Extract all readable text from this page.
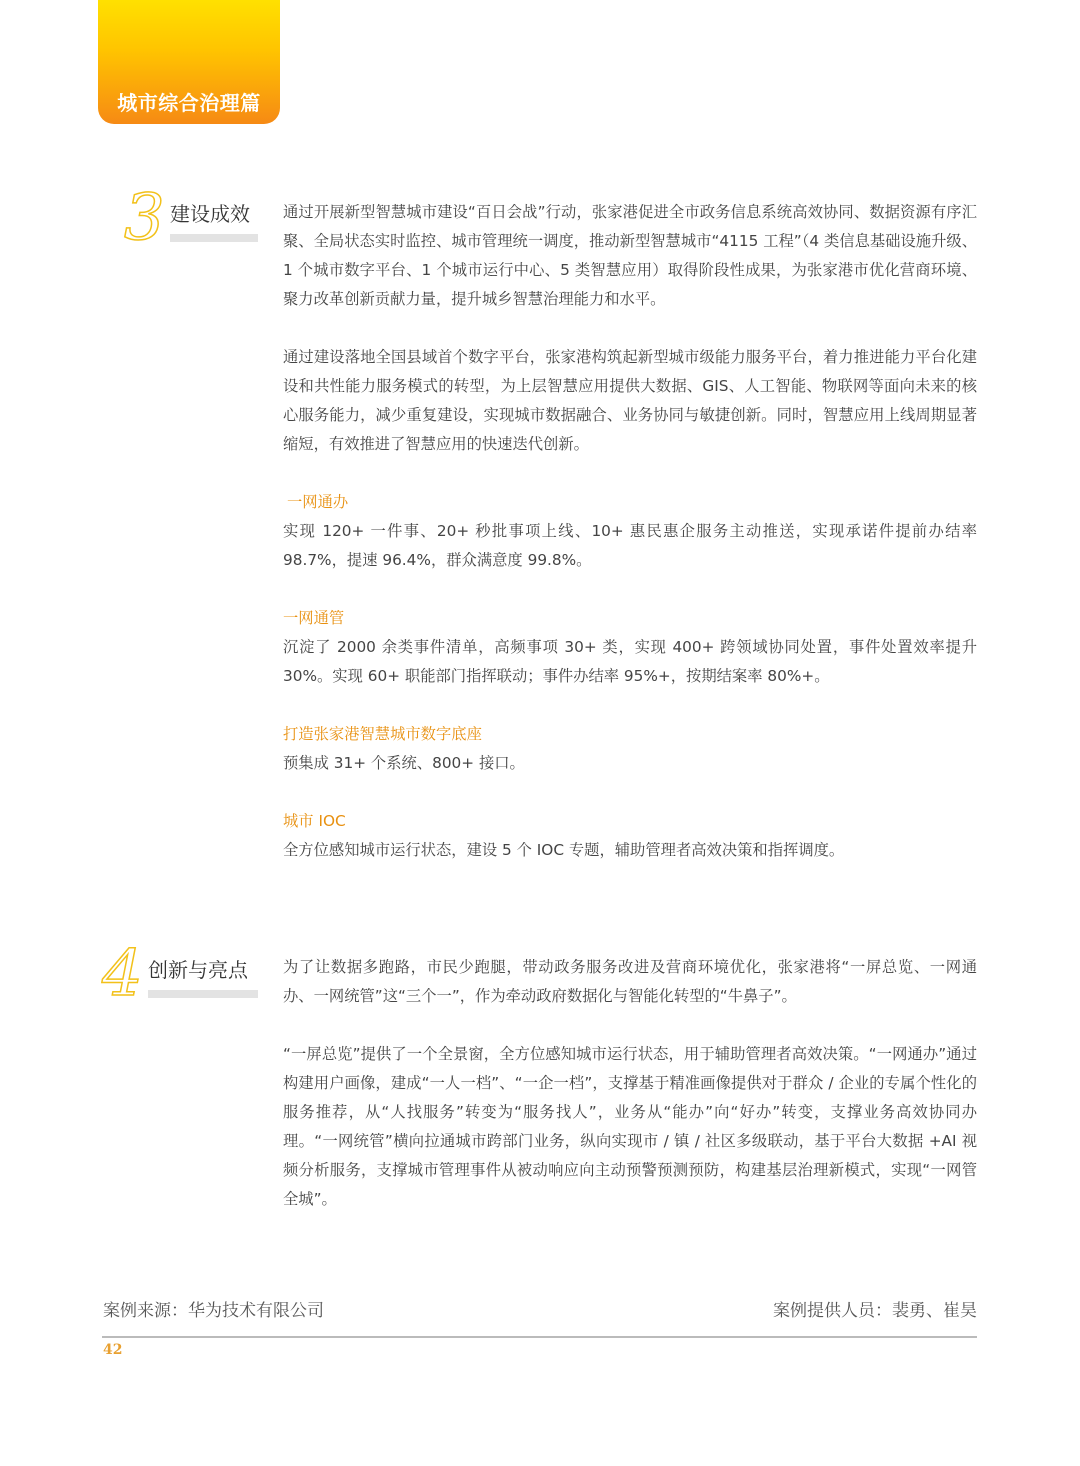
城市综合治理篇
3 建设成效 通过开展新型智慧城市建设“百日会战”行动，张家港促进全市政务信息系统高效协同、数据资源有序汇聚、全局状态实时监控、城市管理统一调度，推动新型智慧城市“4115 工程”（4 类信息基础设施升级、1 个城市数字平台、1 个城市运行中心、5 类智慧应用）取得阶段性成果，为张家港市优化营商环境、聚力改革创新贡献力量，提升城乡智慧治理能力和水平。
通过建设落地全国县域首个数字平台，张家港构筑起新型城市级能力服务平台，着力推进能力平台化建设和共性能力服务模式的转型，为上层智慧应用提供大数据、GIS、人工智能、物联网等面向未来的核心服务能力，减少重复建设，实现城市数据融合、业务协同与敏捷创新。同时，智慧应用上线周期显著缩短，有效推进了智慧应用的快速迭代创新。
一网通办
实现 120+ 一件事、20+ 秒批事项上线、10+ 惠民惠企服务主动推送，实现承诺件提前办结率 98.7%，提速 96.4%，群众满意度 99.8%。
一网通管
沉淀了 2000 余类事件清单，高频事项 30+ 类，实现 400+ 跨领域协同处置，事件处置效率提升 30%。实现 60+ 职能部门指挥联动；事件办结率 95%+，按期结案率 80%+。
打造张家港智慧城市数字底座
预集成 31+ 个系统、800+ 接口。
城市 IOC
全方位感知城市运行状态，建设 5 个 IOC 专题，辅助管理者高效决策和指挥调度。
4 创新与亮点 为了让数据多跑路，市民少跑腿，带动政务服务改进及营商环境优化，张家港将“一屏总览、一网通办、一网统管”这“三个一”，作为牵动政府数据化与智能化转型的“牛鼻子”。
“一屏总览”提供了一个全景窗，全方位感知城市运行状态，用于辅助管理者高效决策。“一网通办”通过构建用户画像，建成“一人一档”、“一企一档”，支撑基于精准画像提供对于群众 / 企业的专属个性化的服务推荐，从“人找服务”转变为“服务找人”，业务从“能办”向“好办”转变，支撑业务高效协同办理。“一网统管”横向拉通城市跨部门业务，纵向实现市 / 镇 / 社区多级联动，基于平台大数据 +AI 视频分析服务，支撑城市管理事件从被动响应向主动预警预测预防，构建基层治理新模式，实现“一网管全城”。
案例来源：华为技术有限公司	案例提供人员：裴勇、崔昊
42
